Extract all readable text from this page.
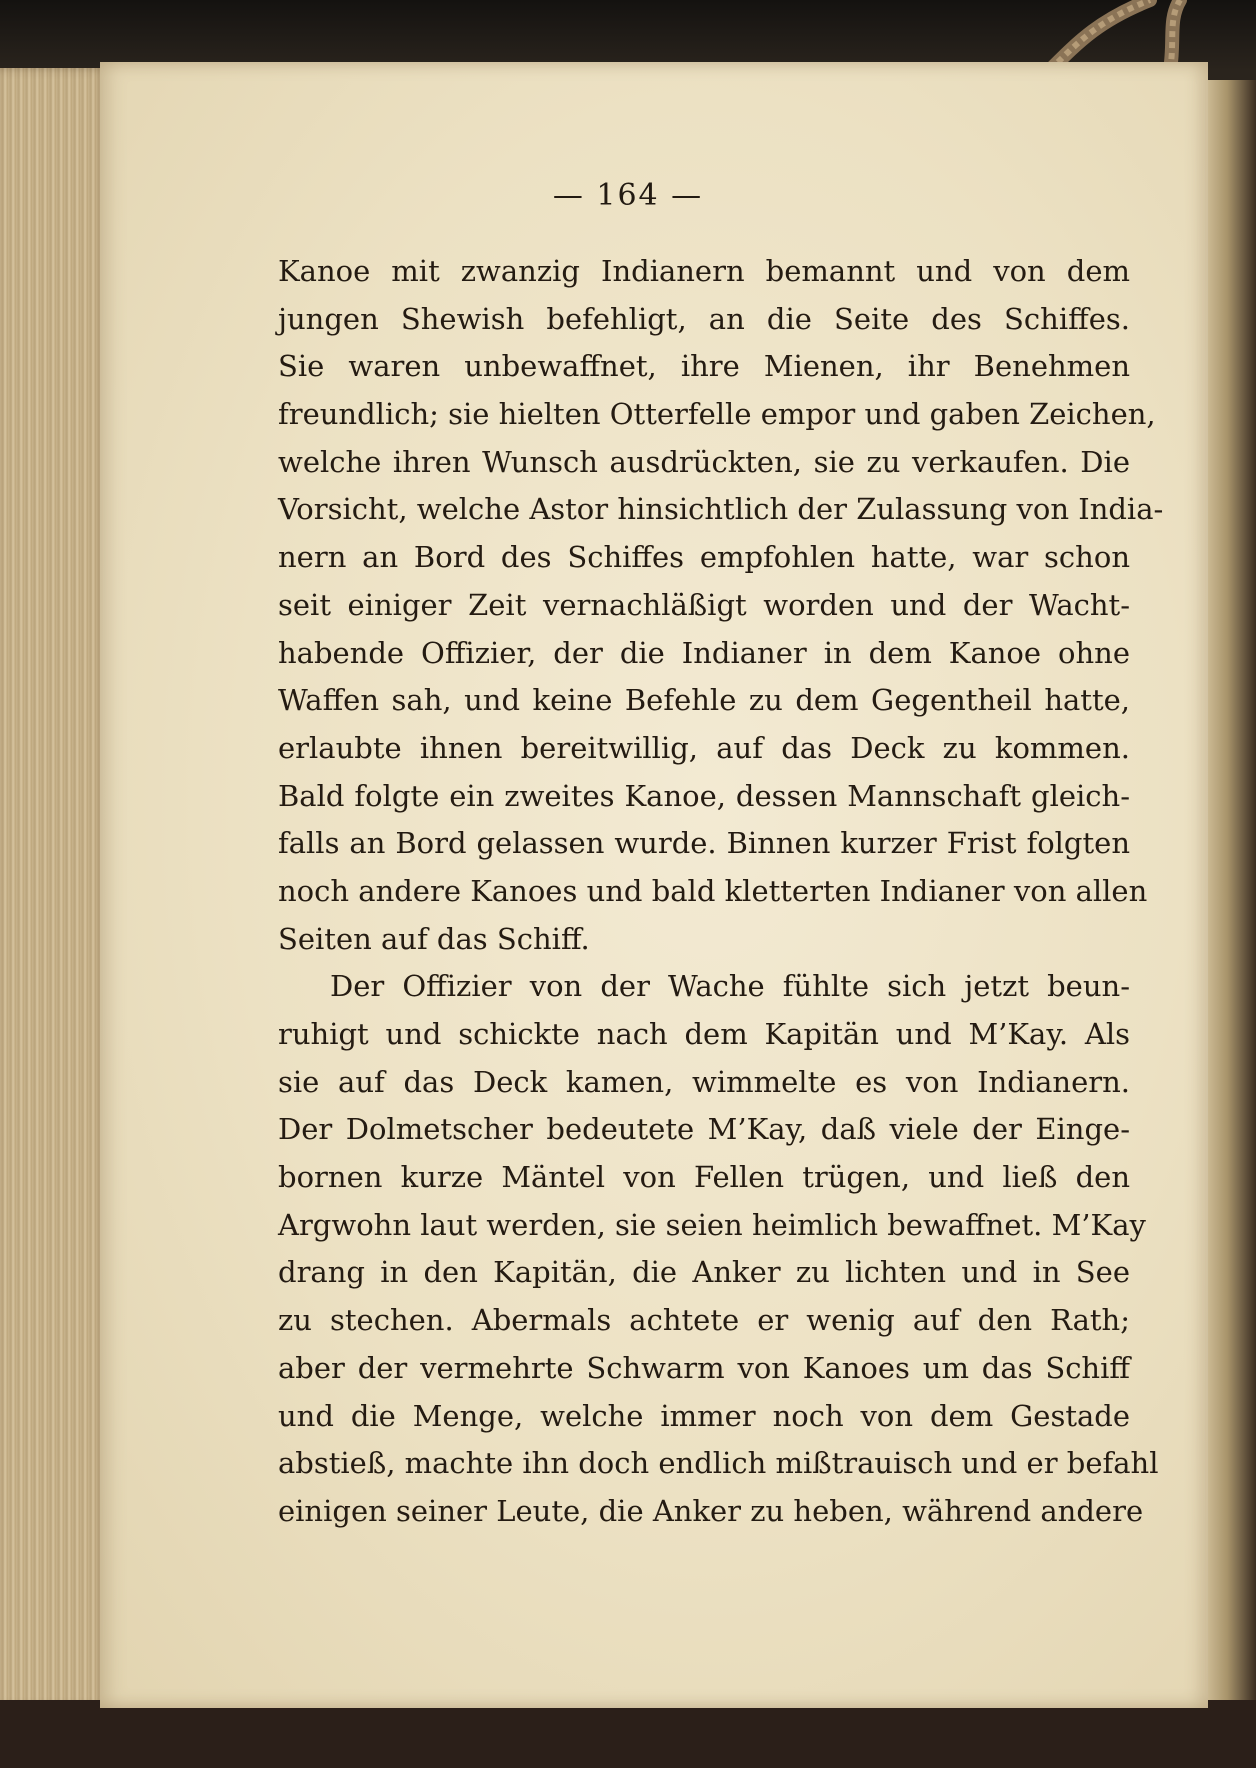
— 164 —
Kanoe mit zwanzig Indianern bemannt und von dem
jungen Shewish befehligt, an die Seite des Schiffes.
Sie waren unbewaffnet, ihre Mienen, ihr Benehmen
freundlich; sie hielten Otterfelle empor und gaben Zeichen,
welche ihren Wunsch ausdrückten, sie zu verkaufen. Die
Vorsicht, welche Astor hinsichtlich der Zulassung von India-
nern an Bord des Schiffes empfohlen hatte, war schon
seit einiger Zeit vernachläßigt worden und der Wacht-
habende Offizier, der die Indianer in dem Kanoe ohne
Waffen sah, und keine Befehle zu dem Gegentheil hatte,
erlaubte ihnen bereitwillig, auf das Deck zu kommen.
Bald folgte ein zweites Kanoe, dessen Mannschaft gleich-
falls an Bord gelassen wurde. Binnen kurzer Frist folgten
noch andere Kanoes und bald kletterten Indianer von allen
Seiten auf das Schiff.
Der Offizier von der Wache fühlte sich jetzt beun-
ruhigt und schickte nach dem Kapitän und M’Kay. Als
sie auf das Deck kamen, wimmelte es von Indianern.
Der Dolmetscher bedeutete M’Kay, daß viele der Einge-
bornen kurze Mäntel von Fellen trügen, und ließ den
Argwohn laut werden, sie seien heimlich bewaffnet. M’Kay
drang in den Kapitän, die Anker zu lichten und in See
zu stechen. Abermals achtete er wenig auf den Rath;
aber der vermehrte Schwarm von Kanoes um das Schiff
und die Menge, welche immer noch von dem Gestade
abstieß, machte ihn doch endlich mißtrauisch und er befahl
einigen seiner Leute, die Anker zu heben, während andere
